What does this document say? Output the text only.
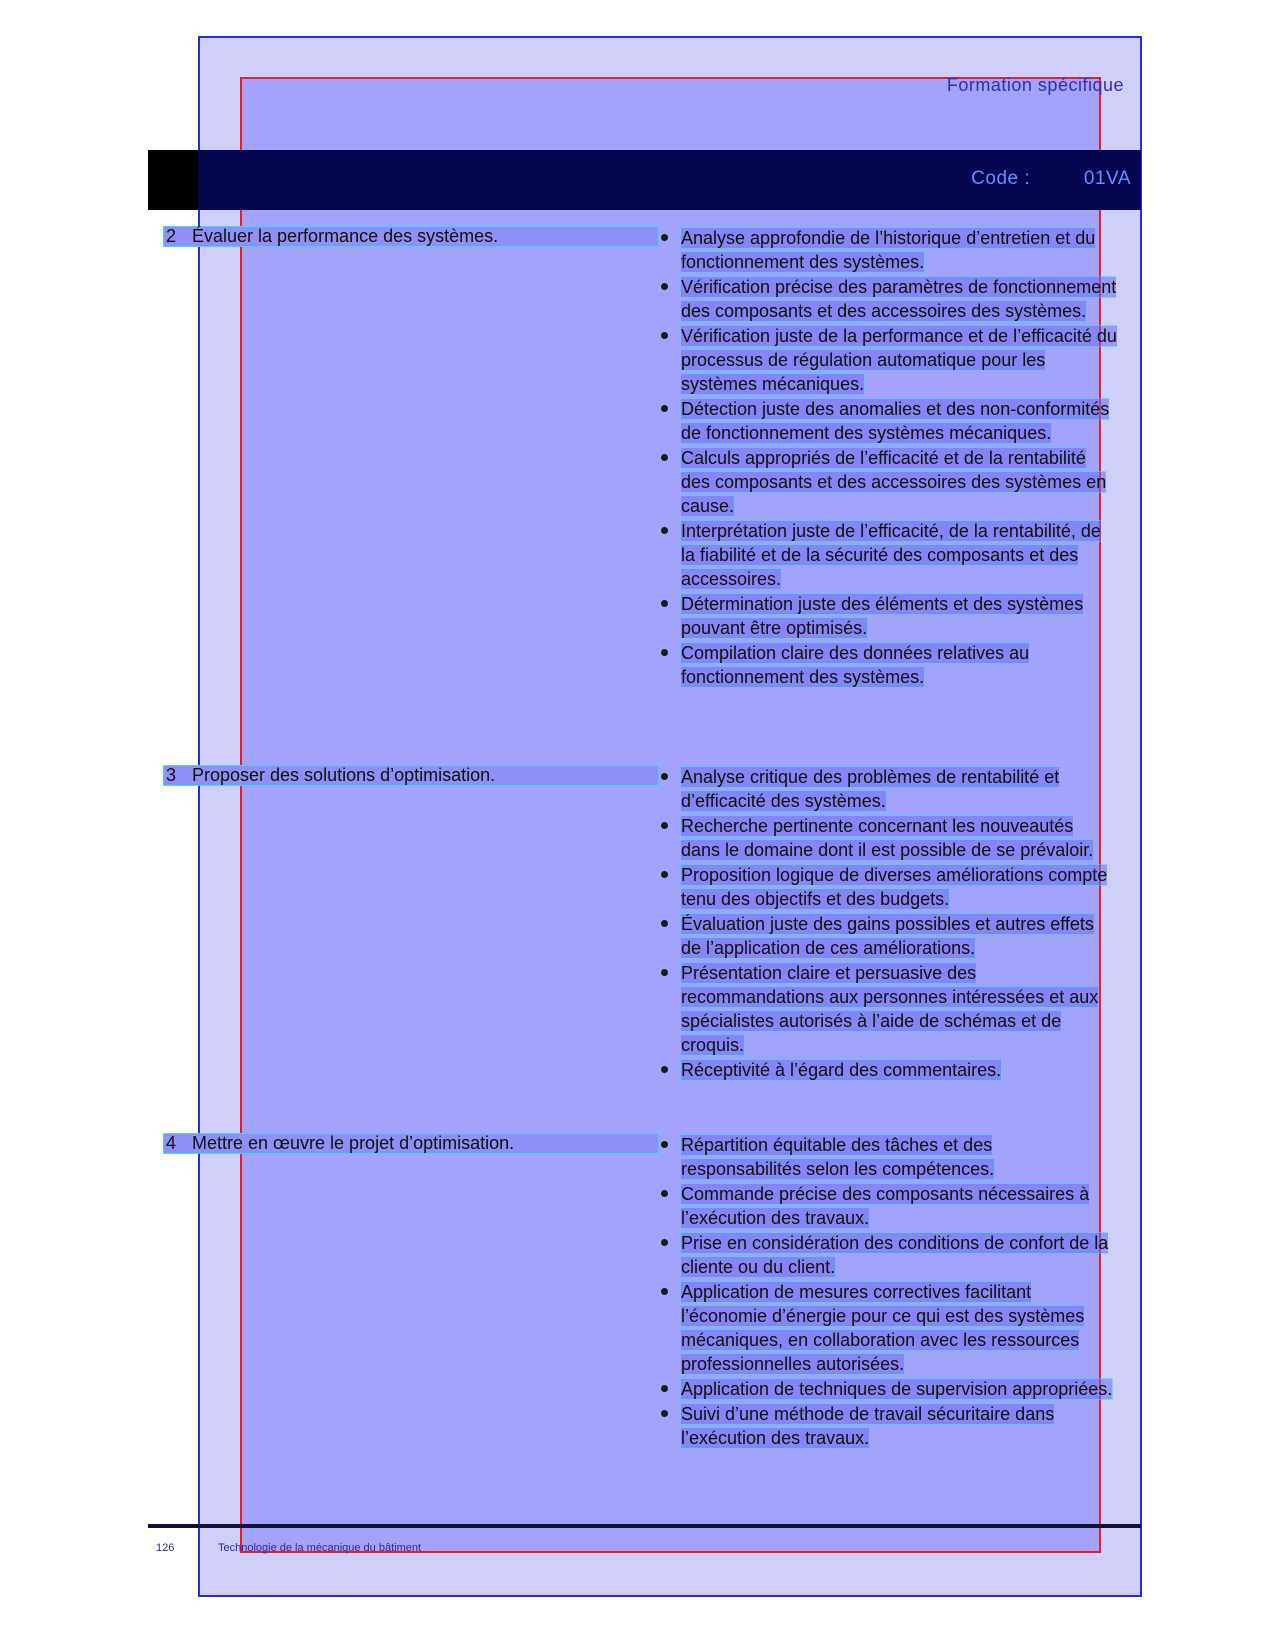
Formation spécifique
Code :	01VA
2 Évaluer la performance des systèmes.	Analyse approfondie de l’historique d’entretien et du fonctionnement des systèmes.
Vérification précise des paramètres de fonctionnement des composants et des accessoires des systèmes.
Vérification juste de la performance et de l’efficacité du processus de régulation automatique pour les systèmes mécaniques.
Détection juste des anomalies et des non-conformités de fonctionnement des systèmes mécaniques.
Calculs appropriés de l’efficacité et de la rentabilité des composants et des accessoires des systèmes en cause.
Interprétation juste de l’efficacité, de la rentabilité, de la fiabilité et de la sécurité des composants et des accessoires.
Détermination juste des éléments et des systèmes pouvant être optimisés.
Compilation claire des données relatives au fonctionnement des systèmes.
3 Proposer des solutions d’optimisation.	Analyse critique des problèmes de rentabilité et d’efficacité des systèmes.
Recherche pertinente concernant les nouveautés dans le domaine dont il est possible de se prévaloir.
Proposition logique de diverses améliorations compte tenu des objectifs et des budgets.
Évaluation juste des gains possibles et autres effets de l’application de ces améliorations.
Présentation claire et persuasive des recommandations aux personnes intéressées et aux spécialistes autorisés à l’aide de schémas et de croquis.
Réceptivité à l’égard des commentaires.
4 Mettre en œuvre le projet d’optimisation.	Répartition équitable des tâches et des responsabilités selon les compétences.
Commande précise des composants nécessaires à l’exécution des travaux.
Prise en considération des conditions de confort de la cliente ou du client.
Application de mesures correctives facilitant l’économie d’énergie pour ce qui est des systèmes mécaniques, en collaboration avec les ressources professionnelles autorisées.
Application de techniques de supervision appropriées.
Suivi d’une méthode de travail sécuritaire dans l’exécution des travaux.
126	Technologie de la mécanique du bâtiment
